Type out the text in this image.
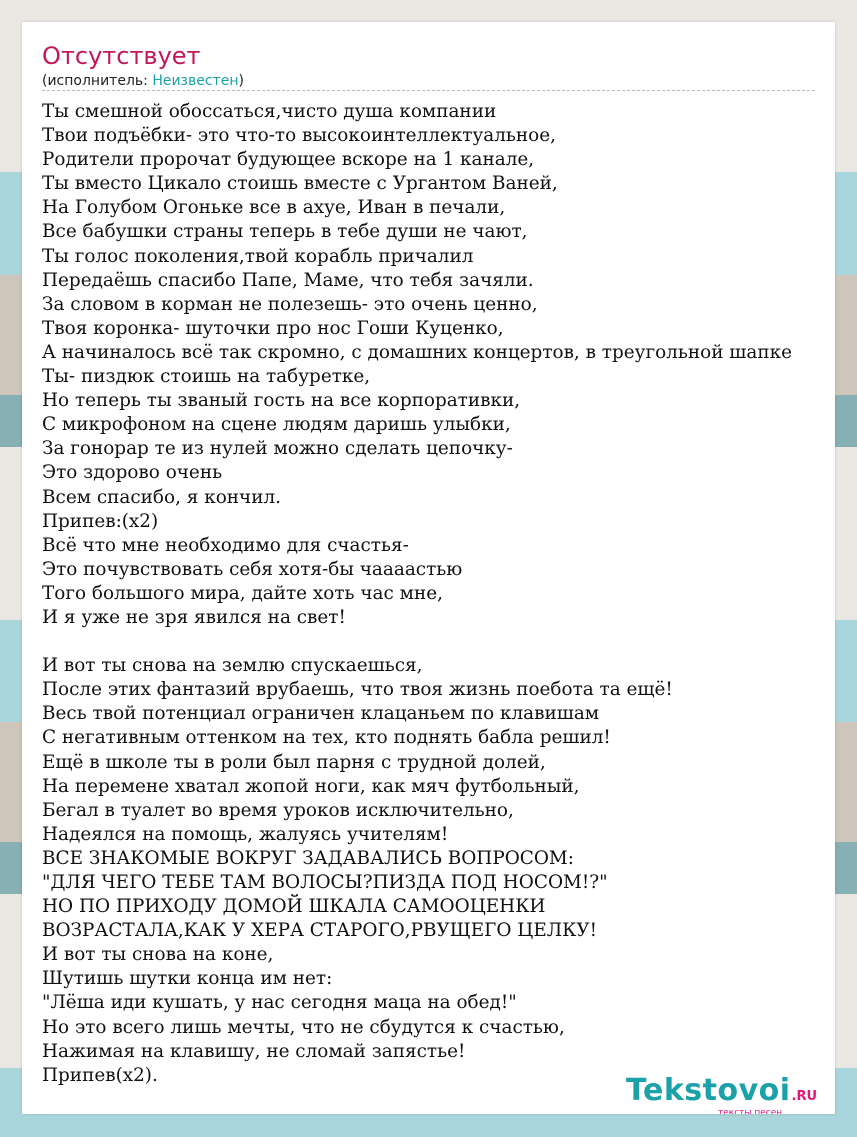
Отсутствует
(исполнитель: Неизвестен)
Ты смешной обоссаться,чисто душа компании
Твои подъёбки- это что-то высокоинтеллектуальное,
Родители пророчат будующее вскоре на 1 канале,
Ты вместо Цикало стоишь вместе с Ургантом Ваней,
На Голубом Огоньке все в ахуе, Иван в печали,
Все бабушки страны теперь в тебе души не чают,
Ты голос поколения,твой корабль причалил
Передаёшь спасибо Папе, Маме, что тебя зачяли.
За словом в корман не полезешь- это очень ценно,
Твоя коронка- шуточки про нос Гоши Куценко,
А начиналось всё так скромно, с домашних концертов, в треугольной шапке
Ты- пиздюк стоишь на табуретке,
Но теперь ты званый гость на все корпоративки,
С микрофоном на сцене людям даришь улыбки,
За гонорар те из нулей можно сделать цепочку-
Это здорово очень
Всем спасибо, я кончил.
Припев:(x2)
Всё что мне необходимо для счастья-
Это почувствовать себя хотя-бы чаааастью
Того большого мира, дайте хоть час мне,
И я уже не зря явился на свет!

И вот ты снова на землю спускаешься,
После этих фантазий врубаешь, что твоя жизнь поебота та ещё!
Весь твой потенциал ограничен клацаньем по клавишам
С негативным оттенком на тех, кто поднять бабла решил!
Ещё в школе ты в роли был парня с трудной долей,
На перемене хватал жопой ноги, как мяч футбольный,
Бегал в туалет во время уроков исключительно,
Надеялся на помощь, жалуясь учителям!
ВСЕ ЗНАКОМЫЕ ВОКРУГ ЗАДАВАЛИСЬ ВОПРОСОМ:
"ДЛЯ ЧЕГО ТЕБЕ ТАМ ВОЛОСЫ?ПИЗДА ПОД НОСОМ!?"
НО ПО ПРИХОДУ ДОМОЙ ШКАЛА САМООЦЕНКИ
ВОЗРАСТАЛА,КАК У ХЕРА СТАРОГО,РВУЩЕГО ЦЕЛКУ!
И вот ты снова на коне,
Шутишь шутки конца им нет:
"Лёша иди кушать, у нас сегодня маца на обед!"
Но это всего лишь мечты, что не сбудутся к счастью,
Нажимая на клавишу, не сломай запястье!
Припев(x2).	Tekstovoi.RU
тексты песен
